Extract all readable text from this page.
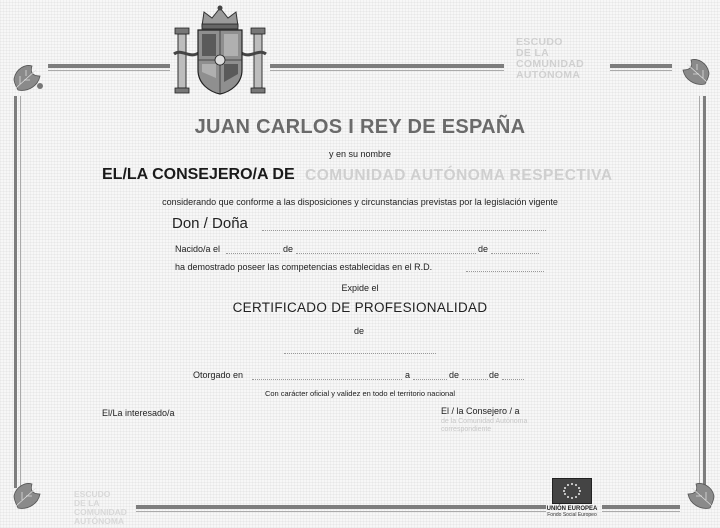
ESCUDO
DE LA
COMUNIDAD
AUTÓNOMA
JUAN CARLOS I REY DE ESPAÑA
y en su nombre
EL/LA CONSEJERO/A DE COMUNIDAD AUTÓNOMA RESPECTIVA
considerando que conforme a las disposiciones y circunstancias previstas por la legislación vigente
Don / Doña
Nacido/a el	de	de
ha demostrado poseer las competencias establecidas en el R.D.
Expide el
CERTIFICADO DE PROFESIONALIDAD
de
Otorgado en	a	de	de
Con carácter oficial y validez en todo el territorio nacional
El/La interesado/a	El / la Consejero / a
de la Comunidad Autónoma
correspondiente
ESCUDO
DE LA
COMUNIDAD
AUTÓNOMA
UNIÓN EUROPEA
Fondo Social Europeo
